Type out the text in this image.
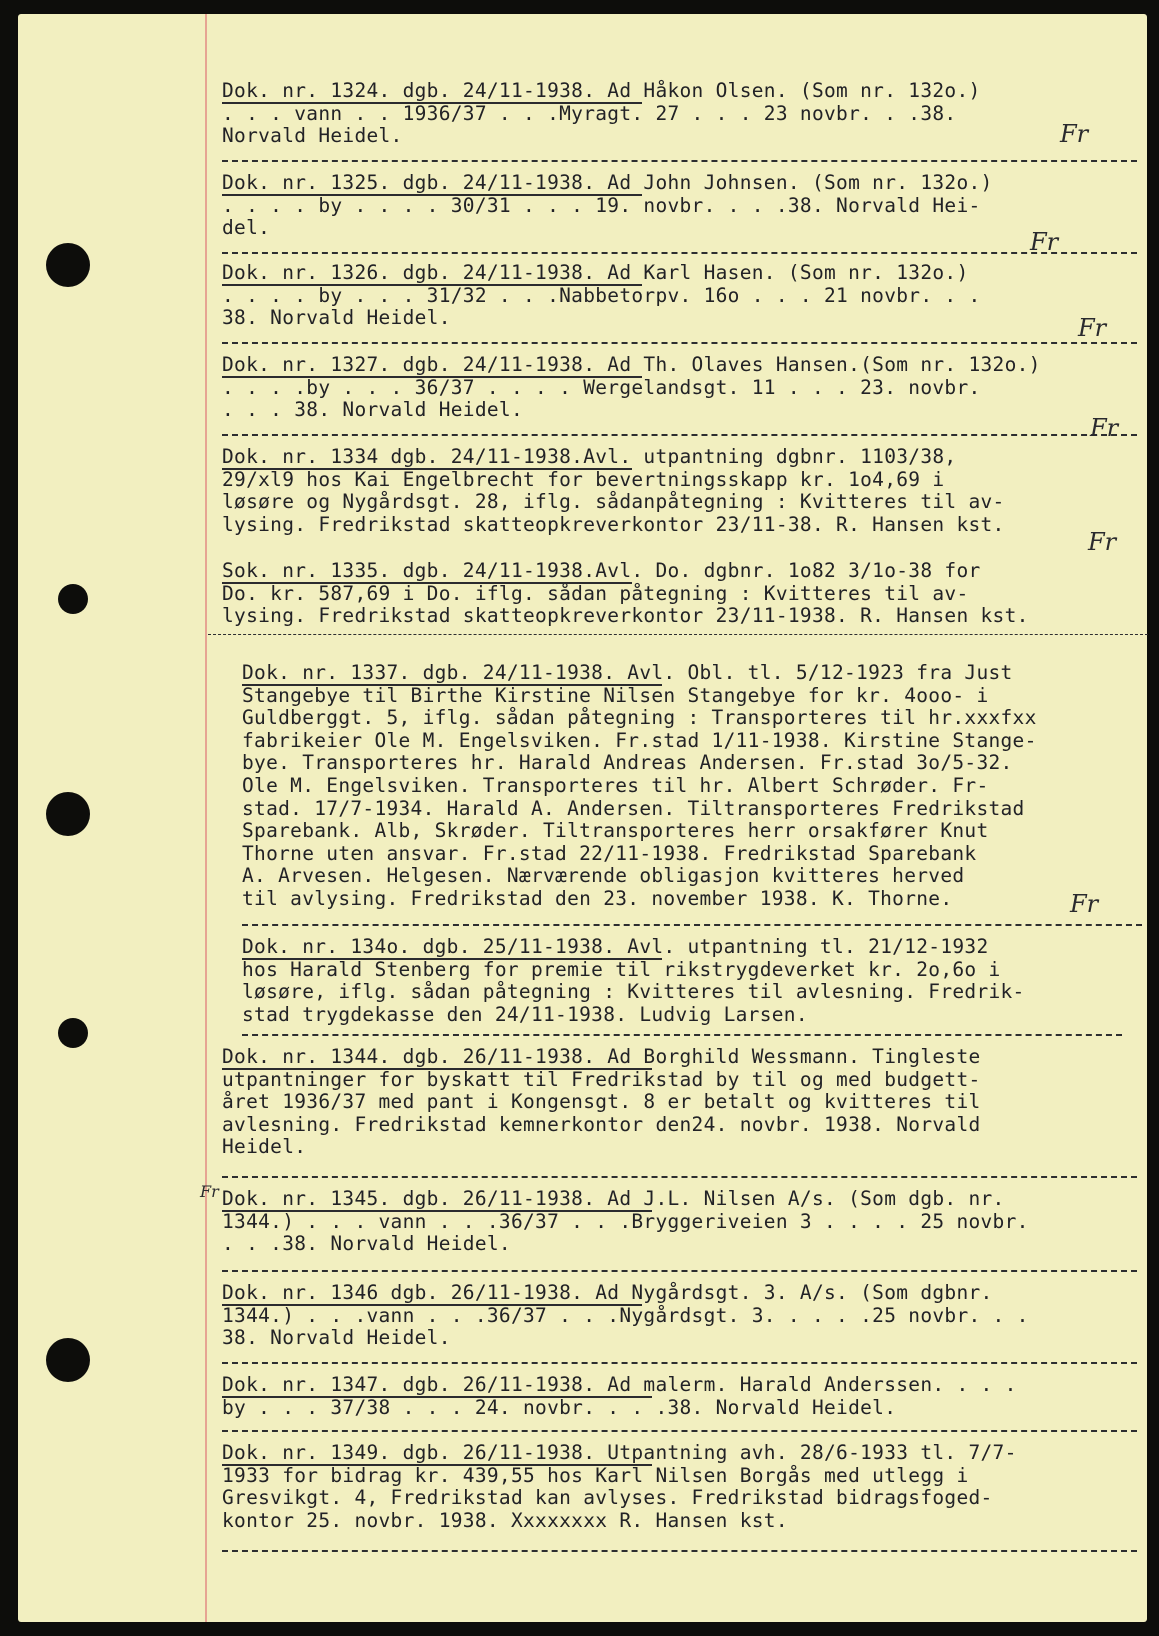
Dok. nr. 1324. dgb. 24/11-1938. Ad Håkon Olsen. (Som nr. 132o.)
. . . vann . . 1936/37 . . .Myragt. 27 . . . 23 novbr. . .38.
Norvald Heidel.	Fr
Dok. nr. 1325. dgb. 24/11-1938. Ad John Johnsen. (Som nr. 132o.)
. . . . by . . . . 30/31 . . . 19. novbr. . . .38. Norvald Hei-
del.
Fr
Dok. nr. 1326. dgb. 24/11-1938. Ad Karl Hasen. (Som nr. 132o.)
. . . . by . . . 31/32 . . .Nabbetorpv. 16o . . . 21 novbr. . .
38. Norvald Heidel.	Fr
Dok. nr. 1327. dgb. 24/11-1938. Ad Th. Olaves Hansen.(Som nr. 132o.)
. . . .by . . . 36/37 . . . . Wergelandsgt. 11 . . . 23. novbr.
. . . 38. Norvald Heidel.
Fr
Dok. nr. 1334 dgb. 24/11-1938.Avl. utpantning dgbnr. 1103/38,
29/xl9 hos Kai Engelbrecht for bevertningsskapp kr. 1o4,69 i
løsøre og Nygårdsgt. 28, iflg. sådanpåtegning : Kvitteres til av-
lysing. Fredrikstad skatteopkreverkontor 23/11-38. R. Hansen kst.
Fr
Sok. nr. 1335. dgb. 24/11-1938.Avl. Do. dgbnr. 1o82 3/1o-38 for
Do. kr. 587,69 i Do. iflg. sådan påtegning : Kvitteres til av-
lysing. Fredrikstad skatteopkreverkontor 23/11-1938. R. Hansen kst.
Dok. nr. 1337. dgb. 24/11-1938. Avl. Obl. tl. 5/12-1923 fra Just
Stangebye til Birthe Kirstine Nilsen Stangebye for kr. 4ooo- i
Guldberggt. 5, iflg. sådan påtegning : Transporteres til hr.xxxfxx
fabrikeier Ole M. Engelsviken. Fr.stad 1/11-1938. Kirstine Stange-
bye. Transporteres hr. Harald Andreas Andersen. Fr.stad 3o/5-32.
Ole M. Engelsviken. Transporteres til hr. Albert Schrøder. Fr-
stad. 17/7-1934. Harald A. Andersen. Tiltransporteres Fredrikstad
Sparebank. Alb, Skrøder. Tiltransporteres herr orsakfører Knut
Thorne uten ansvar. Fr.stad 22/11-1938. Fredrikstad Sparebank
A. Arvesen. Helgesen. Nærværende obligasjon kvitteres herved
til avlysing. Fredrikstad den 23. november 1938. K. Thorne.	Fr
Dok. nr. 134o. dgb. 25/11-1938. Avl. utpantning tl. 21/12-1932
hos Harald Stenberg for premie til rikstrygdeverket kr. 2o,6o i
løsøre, iflg. sådan påtegning : Kvitteres til avlesning. Fredrik-
stad trygdekasse den 24/11-1938. Ludvig Larsen.
Dok. nr. 1344. dgb. 26/11-1938. Ad Borghild Wessmann. Tingleste
utpantninger for byskatt til Fredrikstad by til og med budgett-
året 1936/37 med pant i Kongensgt. 8 er betalt og kvitteres til
avlesning. Fredrikstad kemnerkontor den24. novbr. 1938. Norvald
Heidel.
Dok. nr. 1345. dgb. 26/11-1938. Ad J.L. Nilsen A/s. (Som dgb. nr.
1344.) . . . vann . . .36/37 . . .Bryggeriveien 3 . . . . 25 novbr.
. . .38. Norvald Heidel.
Dok. nr. 1346 dgb. 26/11-1938. Ad Nygårdsgt. 3. A/s. (Som dgbnr.
1344.) . . .vann . . .36/37 . . .Nygårdsgt. 3. . . . .25 novbr. . .
38. Norvald Heidel.
Dok. nr. 1347. dgb. 26/11-1938. Ad malerm. Harald Anderssen. . . .
by . . . 37/38 . . . 24. novbr. . . .38. Norvald Heidel.
Dok. nr. 1349. dgb. 26/11-1938. Utpantning avh. 28/6-1933 tl. 7/7-
1933 for bidrag kr. 439,55 hos Karl Nilsen Borgås med utlegg i
Gresvikgt. 4, Fredrikstad kan avlyses. Fredrikstad bidragsfoged-
kontor 25. novbr. 1938. Xxxxxxxx R. Hansen kst.
Fr
